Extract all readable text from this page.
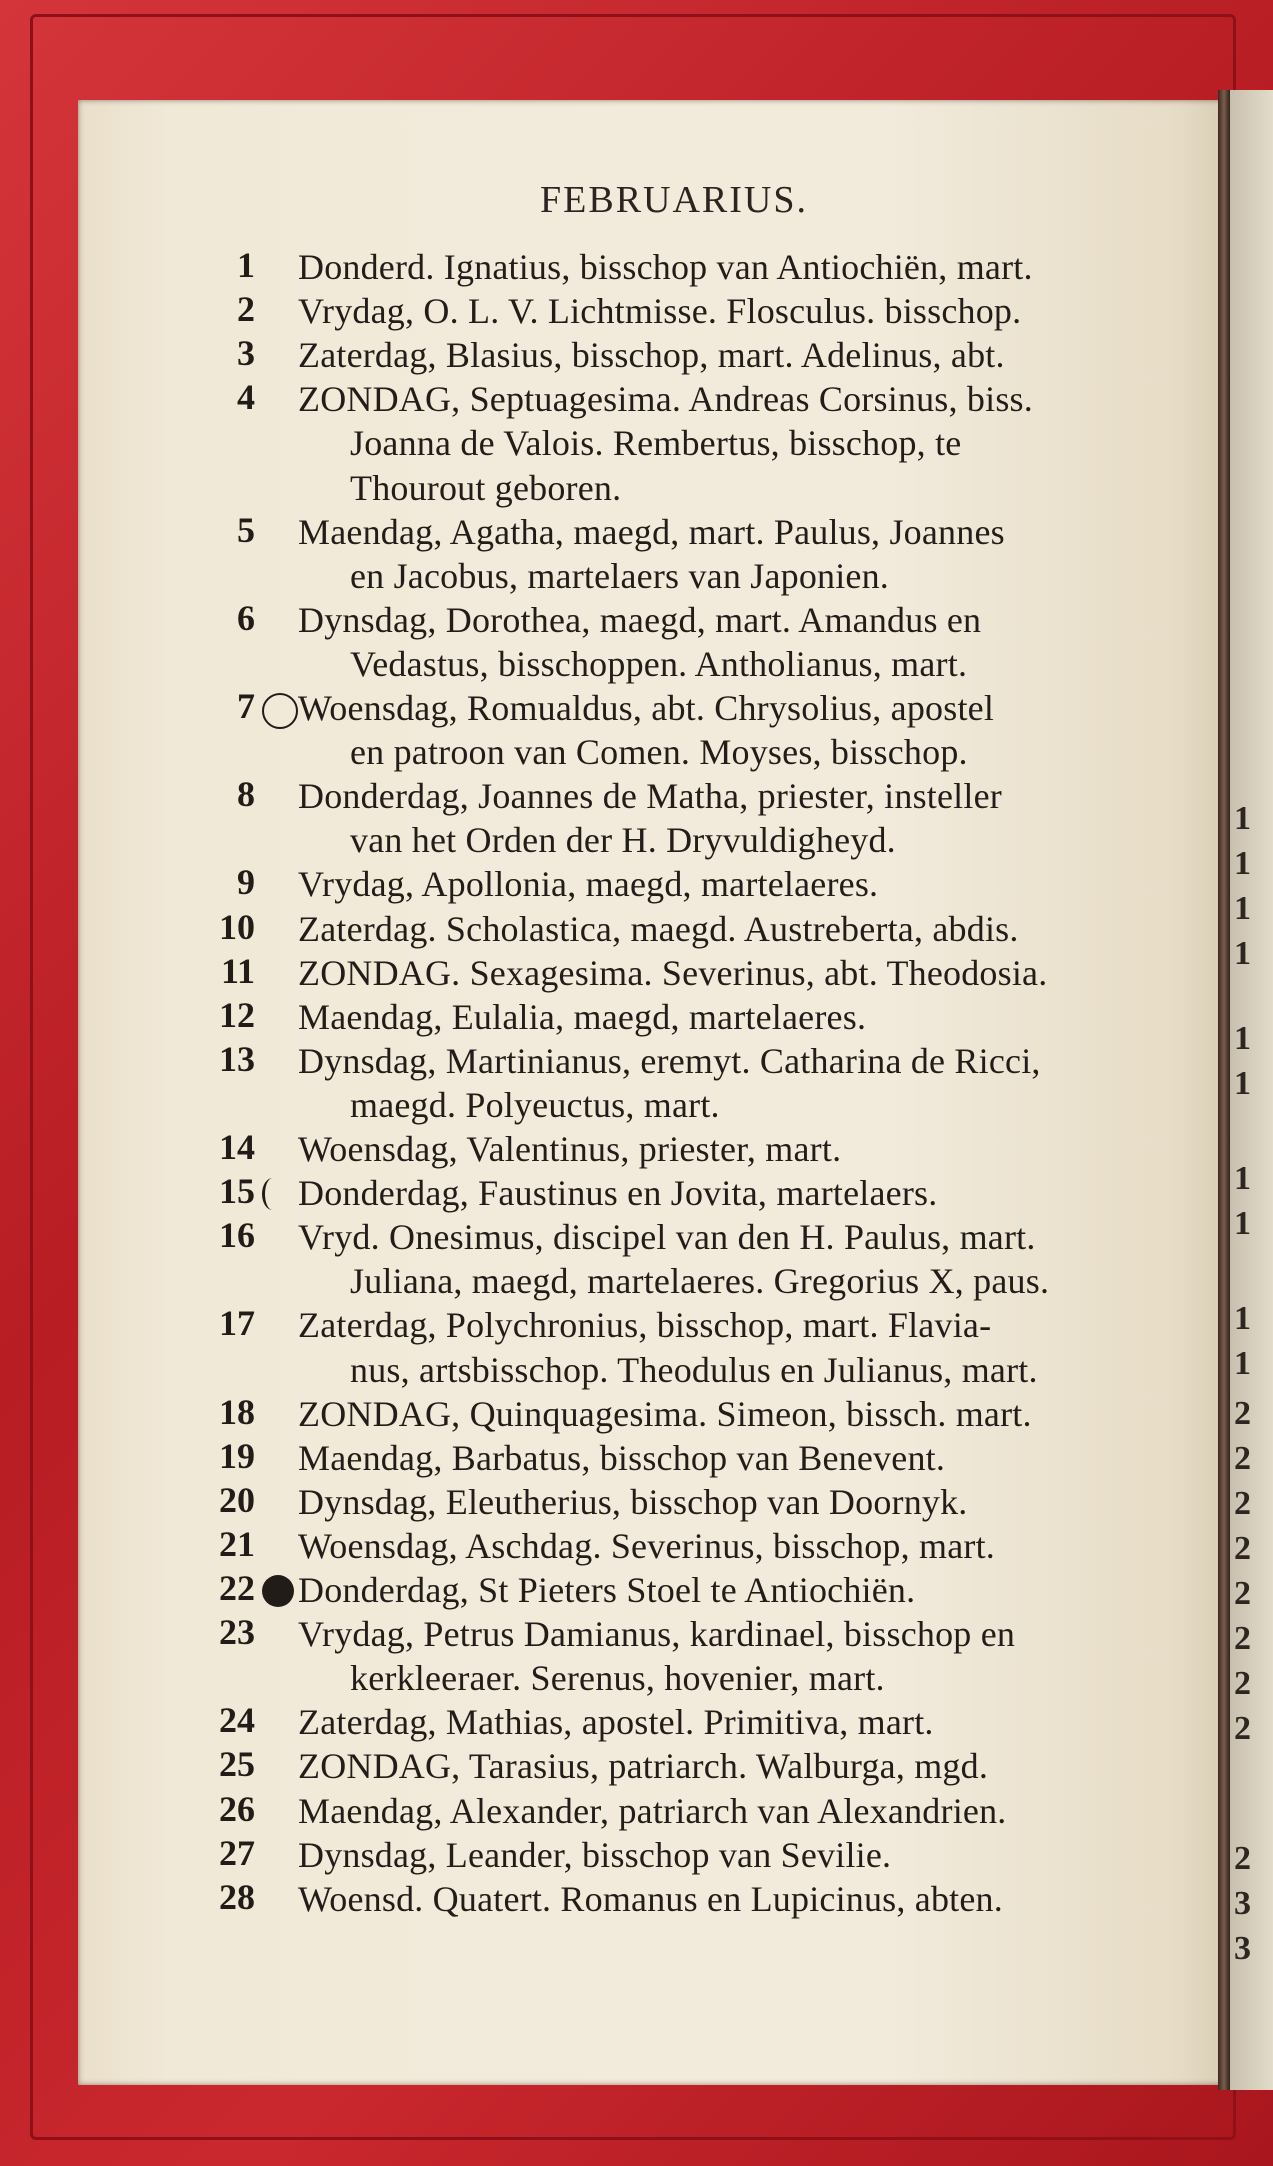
1
1
1
1
1
1
1
1
1
1
2
2
2
2
2
2
2
2
2
3
3
FEBRUARIUS.
1 Donderd. Ignatius, bisschop van Antiochiën, mart.
2 Vrydag, O. L. V. Lichtmisse. Flosculus. bisschop.
3 Zaterdag, Blasius, bisschop, mart. Adelinus, abt.
4 ZONDAG, Septuagesima. Andreas Corsinus, biss.
Joanna de Valois. Rembertus, bisschop, te
Thourout geboren.
5 Maendag, Agatha, maegd, mart. Paulus, Joannes
en Jacobus, martelaers van Japonien.
6 Dynsdag, Dorothea, maegd, mart. Amandus en
Vedastus, bisschoppen. Antholianus, mart.
7 Woensdag, Romualdus, abt. Chrysolius, apostel
en patroon van Comen. Moyses, bisschop.
8 Donderdag, Joannes de Matha, priester, insteller
van het Orden der H. Dryvuldigheyd.
9 Vrydag, Apollonia, maegd, martelaeres.
10 Zaterdag. Scholastica, maegd. Austreberta, abdis.
11 ZONDAG. Sexagesima. Severinus, abt. Theodosia.
12 Maendag, Eulalia, maegd, martelaeres.
13 Dynsdag, Martinianus, eremyt. Catharina de Ricci,
maegd. Polyeuctus, mart.
14 Woensdag, Valentinus, priester, mart.
15 Donderdag, Faustinus en Jovita, martelaers.
16 Vryd. Onesimus, discipel van den H. Paulus, mart.
Juliana, maegd, martelaeres. Gregorius X, paus.
17 Zaterdag, Polychronius, bisschop, mart. Flavia-
nus, artsbisschop. Theodulus en Julianus, mart.
18 ZONDAG, Quinquagesima. Simeon, bissch. mart.
19 Maendag, Barbatus, bisschop van Benevent.
20 Dynsdag, Eleutherius, bisschop van Doornyk.
21 Woensdag, Aschdag. Severinus, bisschop, mart.
22 Donderdag, St Pieters Stoel te Antiochiën.
23 Vrydag, Petrus Damianus, kardinael, bisschop en
kerkleeraer. Serenus, hovenier, mart.
24 Zaterdag, Mathias, apostel. Primitiva, mart.
25 ZONDAG, Tarasius, patriarch. Walburga, mgd.
26 Maendag, Alexander, patriarch van Alexandrien.
27 Dynsdag, Leander, bisschop van Sevilie.
28 Woensd. Quatert. Romanus en Lupicinus, abten.
